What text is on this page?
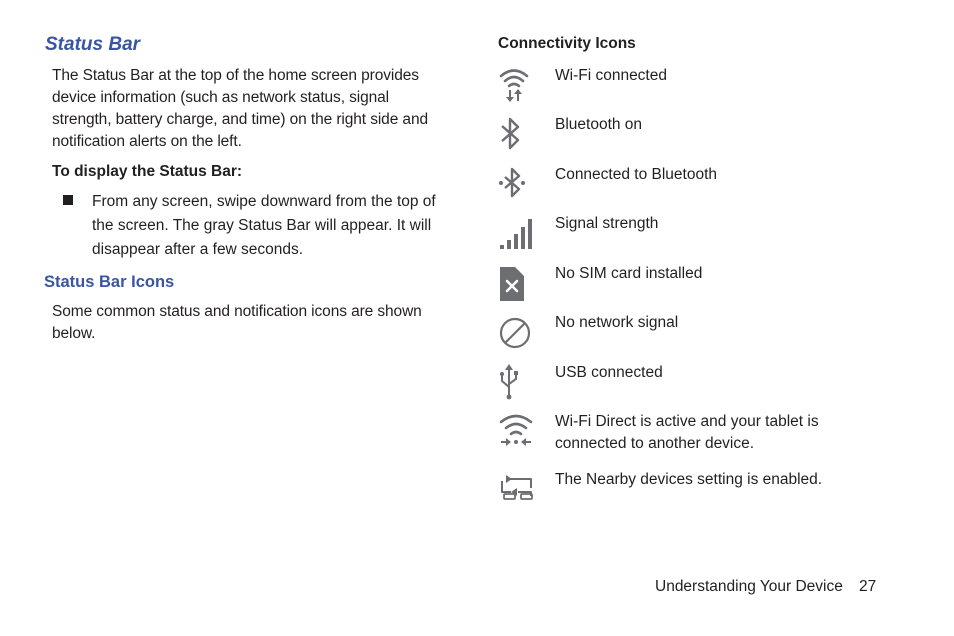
Status Bar

The Status Bar at the top of the home screen provides device information (such as network status, signal strength, battery charge, and time) on the right side and notification alerts on the left.

To display the Status Bar:

From any screen, swipe downward from the top of the screen. The gray Status Bar will appear. It will disappear after a few seconds.

Status Bar Icons

Some common status and notification icons are shown below.

Connectivity Icons

Wi-Fi connected

Bluetooth on

Connected to Bluetooth

Signal strength

No SIM card installed

No network signal

USB connected

Wi-Fi Direct is active and your tablet is connected to another device.

The Nearby devices setting is enabled.

Understanding Your Device 27
